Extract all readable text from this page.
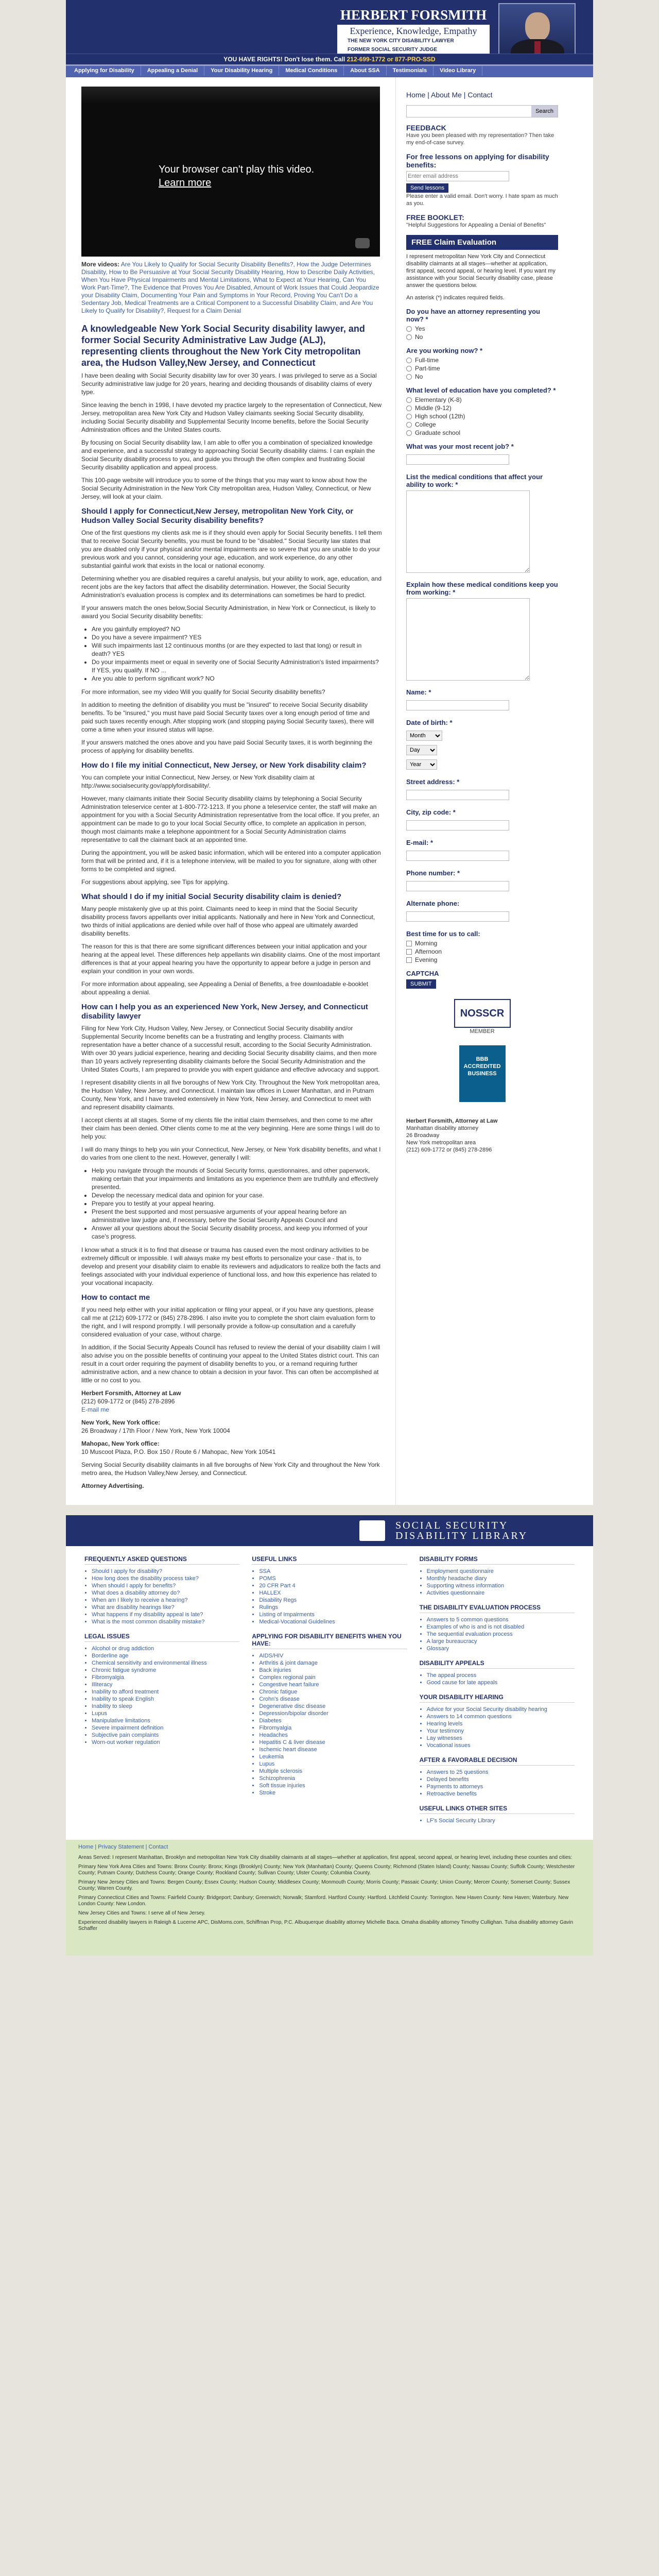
HERBERT FORSMITH
Experience, Knowledge, Empathy
THE NEW YORK CITY DISABILITY LAWYER
FORMER SOCIAL SECURITY JUDGE
YOU HAVE RIGHTS! Don't lose them. Call 212-699-1772 or 877-PRO-SSD
Applying for Disability	Appealing a Denial	Your Disability Hearing	Medical Conditions	About SSA	Testimonials	Video Library
Your browser can't play this video.
Learn more

More videos: Are You Likely to Qualify for Social Security Disability Benefits?, How the Judge Determines Disability, How to Be Persuasive at Your Social Security Disability Hearing, How to Describe Daily Activities, When You Have Physical Impairments and Mental Limitations, What to Expect at Your Hearing, Can You Work Part-Time?, The Evidence that Proves You Are Disabled, Amount of Work Issues that Could Jeopardize your Disability Claim, Documenting Your Pain and Symptoms in Your Record, Proving You Can't Do a Sedentary Job, Medical Treatments are a Critical Component to a Successful Disability Claim, and Are You Likely to Qualify for Disability?, Request for a Claim Denial

A knowledgeable New York Social Security disability lawyer, and former Social Security Administrative Law Judge (ALJ), representing clients throughout the New York City metropolitan area, the Hudson Valley,New Jersey, and Connecticut

I have been dealing with Social Security disability law for over 30 years. I was privileged to serve as a Social Security administrative law judge for 20 years, hearing and deciding thousands of disability claims of every type.

Since leaving the bench in 1998, I have devoted my practice largely to the representation of Connecticut, New Jersey, metropolitan area New York City and Hudson Valley claimants seeking Social Security disability, including Social Security disability and Supplemental Security Income benefits, before the Social Security Administration offices and the United States courts.

By focusing on Social Security disability law, I am able to offer you a combination of specialized knowledge and experience, and a successful strategy to approaching Social Security disability claims. I can explain the Social Security disability process to you, and guide you through the often complex and frustrating Social Security disability application and appeal process.

This 100-page website will introduce you to some of the things that you may want to know about how the Social Security Administration in the New York City metropolitan area, Hudson Valley, Connecticut, or New Jersey, will look at your claim.

Should I apply for Connecticut,New Jersey, metropolitan New York City, or Hudson Valley Social Security disability benefits?

One of the first questions my clients ask me is if they should even apply for Social Security benefits. I tell them that to receive Social Security benefits, you must be found to be "disabled." Social Security law states that you are disabled only if your physical and/or mental impairments are so severe that you are unable to do your previous work and you cannot, considering your age, education, and work experience, do any other substantial gainful work that exists in the local or national economy.

Determining whether you are disabled requires a careful analysis, but your ability to work, age, education, and recent jobs are the key factors that affect the disability determination. However, the Social Security Administration's evaluation process is complex and its determinations can sometimes be hard to predict.

If your answers match the ones below,Social Security Administration, in New York or Connecticut, is likely to award you Social Security disability benefits:

• Are you gainfully employed? NO
• Do you have a severe impairment? YES
• Will such impairments last 12 continuous months (or are they expected to last that long) or result in death? YES
• Do your impairments meet or equal in severity one of Social Security Administration's listed impairments? If YES, you qualify. If NO ...
• Are you able to perform significant work? NO

For more information, see my video Will you qualify for Social Security disability benefits?

In addition to meeting the definition of disability you must be "insured" to receive Social Security disability benefits. To be "insured," you must have paid Social Security taxes over a long enough period of time and paid such taxes recently enough. After stopping work (and stopping paying Social Security taxes), there will come a time when your insured status will lapse.

If your answers matched the ones above and you have paid Social Security taxes, it is worth beginning the process of applying for disability benefits.

How do I file my initial Connecticut, New Jersey, or New York disability claim?

You can complete your initial Connecticut, New Jersey, or New York disability claim at http://www.socialsecurity.gov/applyfordisability/.

However, many claimants initiate their Social Security disability claims by telephoning a Social Security Administration teleservice center at 1-800-772-1213. If you phone a teleservice center, the staff will make an appointment for you with a Social Security Administration representative from the local office. If you prefer, an appointment can be made to go to your local Social Security office, to complete an application in person, though most claimants make a telephone appointment for a Social Security Administration claims representative to call the claimant back at an appointed time.

During the appointment, you will be asked basic information, which will be entered into a computer application form that will be printed and, if it is a telephone interview, will be mailed to you for signature, along with other forms to be completed and signed.

For suggestions about applying, see Tips for applying.

What should I do if my initial Social Security disability claim is denied?

Many people mistakenly give up at this point. Claimants need to keep in mind that the Social Security disability process favors appellants over initial applicants. Nationally and here in New York and Connecticut, two thirds of initial applications are denied while over half of those who appeal are ultimately awarded disability benefits.

The reason for this is that there are some significant differences between your initial application and your hearing at the appeal level. These differences help appellants win disability claims. One of the most important differences is that at your appeal hearing you have the opportunity to appear before a judge in person and explain your condition in your own words.

For more information about appealing, see Appealing a Denial of Benefits, a free downloadable e-booklet about appealing a denial.

How can I help you as an experienced New York, New Jersey, and Connecticut disability lawyer

Filing for New York City, Hudson Valley, New Jersey, or Connecticut Social Security disability and/or Supplemental Security Income benefits can be a frustrating and lengthy process. Claimants with representation have a better chance of a successful result, according to the Social Security Administration. With over 30 years judicial experience, hearing and deciding Social Security disability claims, and then more than 10 years actively representing disability claimants before the Social Security Administration and the United States Courts, I am prepared to provide you with expert guidance and effective advocacy and support.

I represent disability clients in all five boroughs of New York City. Throughout the New York metropolitan area, the Hudson Valley, New Jersey, and Connecticut. I maintain law offices in Lower Manhattan, and in Putnam County, New York, and I have traveled extensively in New York, New Jersey, and Connecticut to meet with and represent disability claimants.

I accept clients at all stages. Some of my clients file the initial claim themselves, and then come to me after their claim has been denied. Other clients come to me at the very beginning. Here are some things I will do to help you:

I will do many things to help you win your Connecticut, New Jersey, or New York disability benefits, and what I do varies from one client to the next. However, generally I will:

• Help you navigate through the mounds of Social Security forms, questionnaires, and other paperwork, making certain that your impairments and limitations as you experience them are truthfully and effectively presented.
• Develop the necessary medical data and opinion for your case.
• Prepare you to testify at your appeal hearing.
• Present the best supported and most persuasive arguments of your appeal hearing before an administrative law judge and, if necessary, before the Social Security Appeals Council and
• Answer all your questions about the Social Security disability process, and keep you informed of your case's progress.

I know what a struck it is to find that disease or trauma has caused even the most ordinary activities to be extremely difficult or impossible. I will always make my best efforts to personalize your case - that is, to develop and present your disability claim to enable its reviewers and adjudicators to realize both the facts and feelings associated with your individual experience of functional loss, and how this experience has related to your vocational incapacity.

How to contact me

If you need help either with your initial application or filing your appeal, or if you have any questions, please call me at (212) 609-1772 or (845) 278-2896. I also invite you to complete the short claim evaluation form to the right, and I will respond promptly. I will personally provide a follow-up consultation and a carefully considered evaluation of your case, without charge.

In addition, if the Social Security Appeals Council has refused to review the denial of your disability claim I will also advise you on the possible benefits of continuing your appeal to the United States district court. This can result in a court order requiring the payment of disability benefits to you, or a remand requiring further administrative action, and a new chance to obtain a decision in your favor. This can often be accomplished at little or no cost to you.

Herbert Forsmith, Attorney at Law
(212) 609-1772 or (845) 278-2896
E-mail me

New York, New York office:
26 Broadway / 17th Floor / New York, New York 10004

Mahopac, New York office:
10 Muscoot Plaza, P.O. Box 150 / Route 6 / Mahopac, New York 10541

Serving Social Security disability claimants in all five boroughs of New York City and throughout the New York metro area, the Hudson Valley,New Jersey, and Connecticut.

Attorney Advertising.

Home | About Me | Contact
Search
FEEDBACK

Have you been pleased with my representation? Then take my end-of-case survey.

For free lessons on applying for disability benefits:
Enter email address
Send lessons

Please enter a valid email. Don't worry. I hate spam as much as you.

FREE BOOKLET:

"Helpful Suggestions for Appealing a Denial of Benefits"

FREE Claim Evaluation

I represent metropolitan New York City and Connecticut disability claimants at all stages—whether at application, first appeal, second appeal, or hearing level. If you want my assistance with your Social Security disability case, please answer the questions below.

An asterisk (*) indicates required fields.

Do you have an attorney representing you now? *
Yes
No
Are you working now? *
Full-time
Part-time
No
What level of education have you completed? *
Elementary (K-8)
Middle (9-12)
High school (12th)
College
Graduate school
What was your most recent job? *
List the medical conditions that affect your ability to work: *
Explain how these medical conditions keep you from working: *
Name: *
Date of birth: *
Month

Day

Year
Street address: *
City, zip code: *
E-mail: *
Phone number: *
Alternate phone:
Best time for us to call:
Morning
Afternoon
Evening
CAPTCHA
SUBMIT
NOSSCR
MEMBER
BBB ACCREDITED BUSINESS
Herbert Forsmith, Attorney at Law
Manhattan disability attorney
26 Broadway
New York metropolitan area
(212) 609-1772 or (845) 278-2896
SOCIAL SECURITY
DISABILITY LIBRARY
FREQUENTLY ASKED QUESTIONS
• Should I apply for disability?
• How long does the disability process take?
• When should I apply for benefits?
• What does a disability attorney do?
• When am I likely to receive a hearing?
• What are disability hearings like?
• What happens if my disability appeal is late?
• What is the most common disability mistake?
LEGAL ISSUES
• Alcohol or drug addiction
• Borderline age
• Chemical sensitivity and environmental illness
• Chronic fatigue syndrome
• Fibromyalgia
• Illiteracy
• Inability to afford treatment
• Inability to speak English
• Inability to sleep
• Lupus
• Manipulative limitations
• Severe impairment definition
• Subjective pain complaints
• Worn-out worker regulation
USEFUL LINKS
• SSA
• POMS
• 20 CFR Part 4
• HALLEX
• Disability Regs
• Rulings
• Listing of Impairments
• Medical-Vocational Guidelines
APPLYING FOR DISABILITY BENEFITS WHEN YOU HAVE:
• AIDS/HIV
• Arthritis & joint damage
• Back injuries
• Complex regional pain
• Congestive heart failure
• Chronic fatigue
• Crohn's disease
• Degenerative disc disease
• Depression/bipolar disorder
• Diabetes
• Fibromyalgia
• Headaches
• Hepatitis C & liver disease
• Ischemic heart disease
• Leukemia
• Lupus
• Multiple sclerosis
• Schizophrenia
• Soft tissue injuries
• Stroke
DISABILITY FORMS
• Employment questionnaire
• Monthly headache diary
• Supporting witness information
• Activities questionnaire
THE DISABILITY EVALUATION PROCESS
• Answers to 5 common questions
• Examples of who is and is not disabled
• The sequential evaluation process
• A large bureaucracy
• Glossary
DISABILITY APPEALS
• The appeal process
• Good cause for late appeals
YOUR DISABILITY HEARING
• Advice for your Social Security disability hearing
• Answers to 14 common questions
• Hearing levels
• Your testimony
• Lay witnesses
• Vocational issues
AFTER & FAVORABLE DECISION
• Answers to 25 questions
• Delayed benefits
• Payments to attorneys
• Retroactive benefits
USEFUL LINKS OTHER SITES
• LF's Social Security Library
Home | Privacy Statement | Contact

Areas Served: I represent Manhattan, Brooklyn and metropolitan New York City disability claimants at all stages—whether at application, first appeal, second appeal, or hearing level, including these counties and cities:

Primary New York Area Cities and Towns: Bronx County: Bronx; Kings (Brooklyn) County; New York (Manhattan) County; Queens County; Richmond (Staten Island) County; Nassau County; Suffolk County; Westchester County; Putnam County; Dutchess County; Orange County; Rockland County; Sullivan County; Ulster County; Columbia County.

Primary New Jersey Cities and Towns: Bergen County; Essex County; Hudson County; Middlesex County; Monmouth County; Morris County; Passaic County; Union County; Mercer County; Somerset County; Sussex County; Warren County.

Primary Connecticut Cities and Towns: Fairfield County: Bridgeport; Danbury; Greenwich; Norwalk; Stamford. Hartford County: Hartford. Litchfield County: Torrington. New Haven County: New Haven; Waterbury. New London County: New London.

New Jersey Cities and Towns: I serve all of New Jersey.

Experienced disability lawyers in Raleigh & Lucerne APC, DisMoms.com, Schiffman Prop, P.C. Albuquerque disability attorney Michelle Baca. Omaha disability attorney Timothy Cullighan. Tulsa disability attorney Gavin Schaffer
